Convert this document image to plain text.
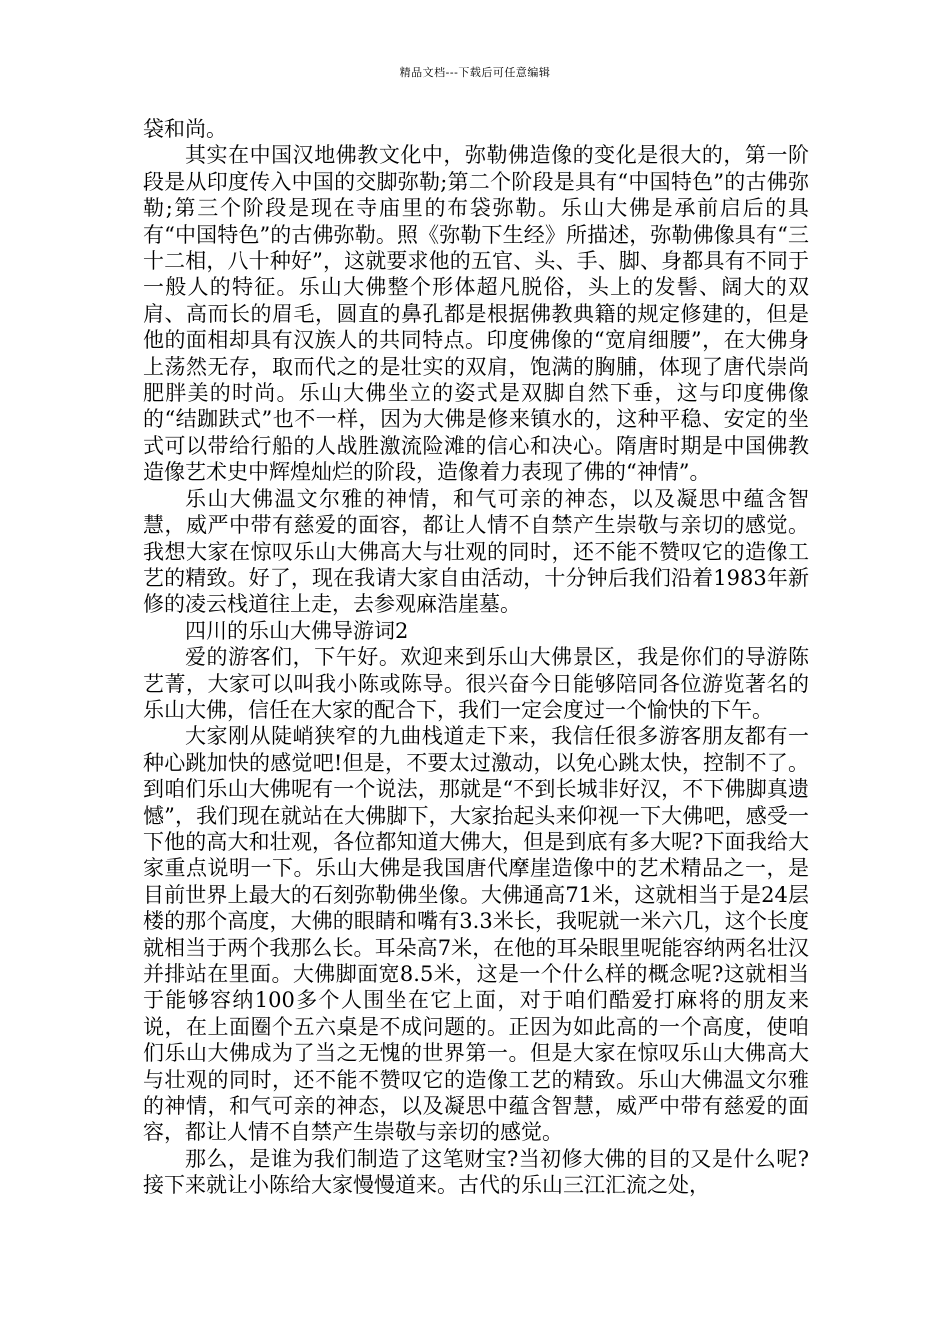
精品文档---下载后可任意编辑

袋和尚。

其实在中国汉地佛教文化中，弥勒佛造像的变化是很大的，第一阶段是从印度传入中国的交脚弥勒;第二个阶段是具有“中国特色”的古佛弥勒;第三个阶段是现在寺庙里的布袋弥勒。乐山大佛是承前启后的具有“中国特色”的古佛弥勒。照《弥勒下生经》所描述，弥勒佛像具有“三十二相，八十种好”，这就要求他的五官、头、手、脚、身都具有不同于一般人的特征。乐山大佛整个形体超凡脱俗，头上的发髻、阔大的双肩、高而长的眉毛，圆直的鼻孔都是根据佛教典籍的规定修建的，但是他的面相却具有汉族人的共同特点。印度佛像的“宽肩细腰”，在大佛身上荡然无存，取而代之的是壮实的双肩，饱满的胸脯，体现了唐代崇尚肥胖美的时尚。乐山大佛坐立的姿式是双脚自然下垂，这与印度佛像的“结跏趺式”也不一样，因为大佛是修来镇水的，这种平稳、安定的坐式可以带给行船的人战胜激流险滩的信心和决心。隋唐时期是中国佛教造像艺术史中辉煌灿烂的阶段，造像着力表现了佛的“神情”。

乐山大佛温文尔雅的神情，和气可亲的神态，以及凝思中蕴含智慧，威严中带有慈爱的面容，都让人情不自禁产生崇敬与亲切的感觉。我想大家在惊叹乐山大佛高大与壮观的同时，还不能不赞叹它的造像工艺的精致。好了，现在我请大家自由活动，十分钟后我们沿着1983年新修的凌云栈道往上走，去参观麻浩崖墓。

四川的乐山大佛导游词2

爱的游客们，下午好。欢迎来到乐山大佛景区，我是你们的导游陈艺菁，大家可以叫我小陈或陈导。很兴奋今日能够陪同各位游览著名的乐山大佛，信任在大家的配合下，我们一定会度过一个愉快的下午。

大家刚从陡峭狭窄的九曲栈道走下来，我信任很多游客朋友都有一种心跳加快的感觉吧!但是，不要太过激动，以免心跳太快，控制不了。到咱们乐山大佛呢有一个说法，那就是“不到长城非好汉，不下佛脚真遗憾”，我们现在就站在大佛脚下，大家抬起头来仰视一下大佛吧，感受一下他的高大和壮观，各位都知道大佛大，但是到底有多大呢?下面我给大家重点说明一下。乐山大佛是我国唐代摩崖造像中的艺术精品之一，是目前世界上最大的石刻弥勒佛坐像。大佛通高71米，这就相当于是24层楼的那个高度，大佛的眼睛和嘴有3.3米长，我呢就一米六几，这个长度就相当于两个我那么长。耳朵高7米，在他的耳朵眼里呢能容纳两名壮汉并排站在里面。大佛脚面宽8.5米，这是一个什么样的概念呢?这就相当于能够容纳100多个人围坐在它上面，对于咱们酷爱打麻将的朋友来说，在上面圈个五六桌是不成问题的。正因为如此高的一个高度，使咱们乐山大佛成为了当之无愧的世界第一。但是大家在惊叹乐山大佛高大与壮观的同时，还不能不赞叹它的造像工艺的精致。乐山大佛温文尔雅的神情，和气可亲的神态，以及凝思中蕴含智慧，威严中带有慈爱的面容，都让人情不自禁产生崇敬与亲切的感觉。

那么，是谁为我们制造了这笔财宝?当初修大佛的目的又是什么呢?接下来就让小陈给大家慢慢道来。古代的乐山三江汇流之处，
